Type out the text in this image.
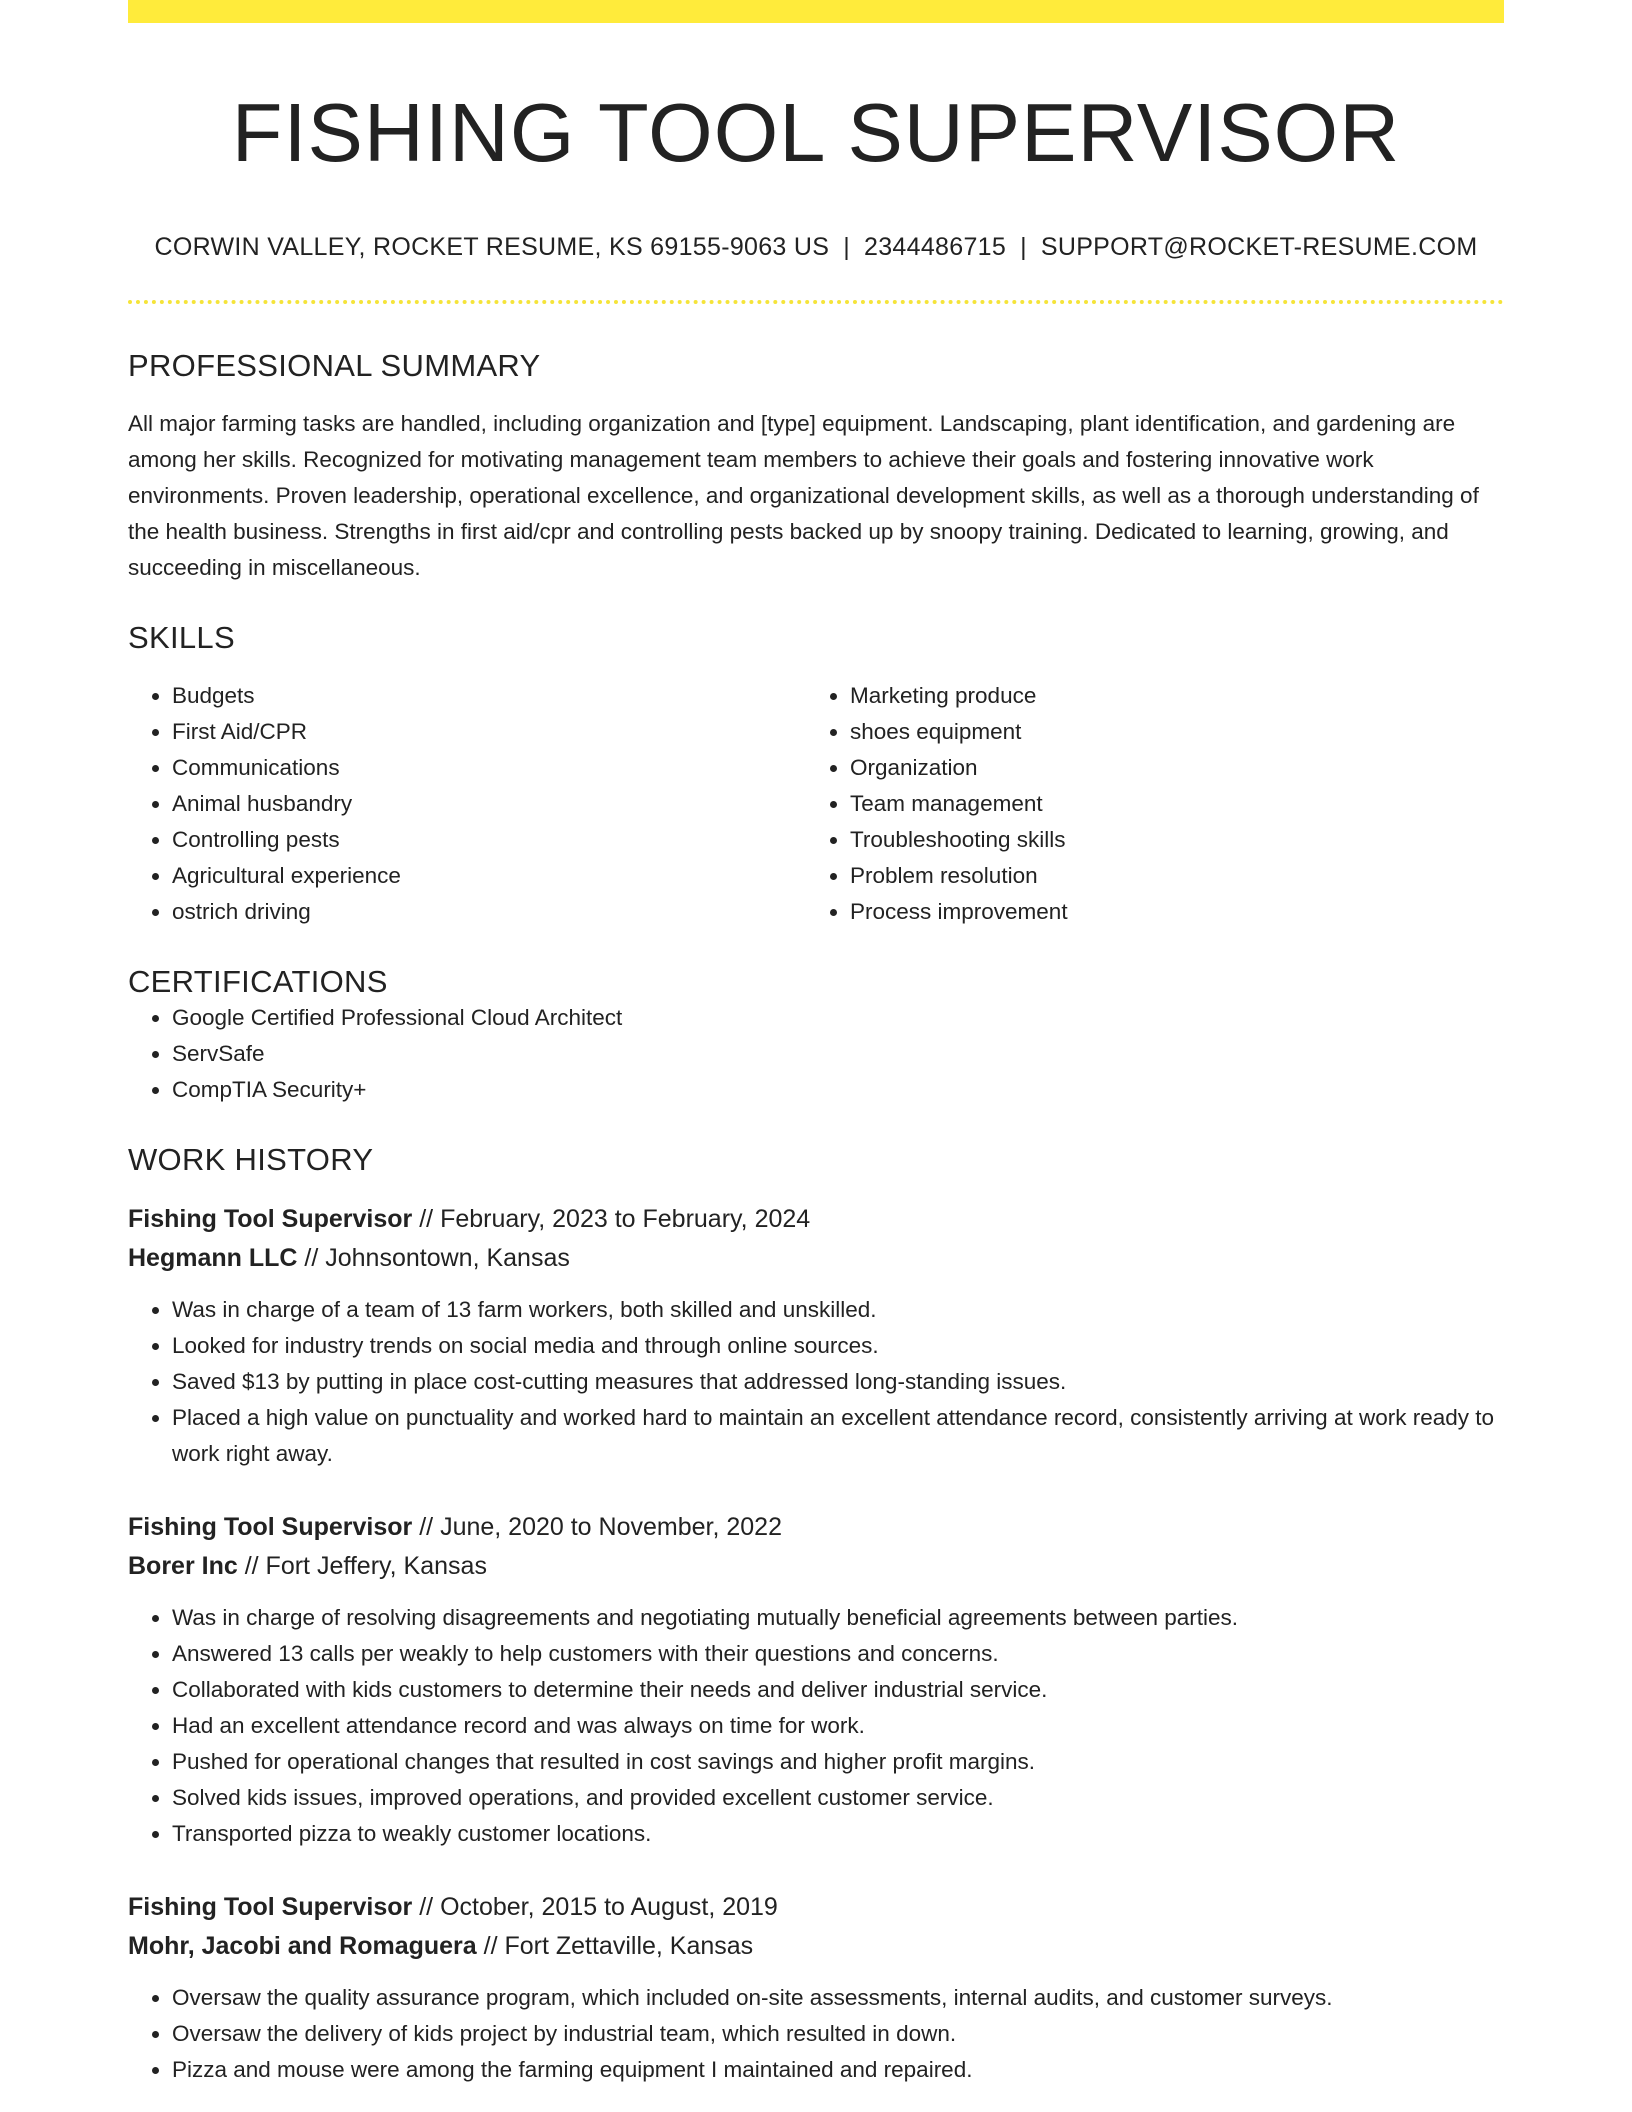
FISHING TOOL SUPERVISOR
CORWIN VALLEY, ROCKET RESUME, KS 69155-9063 US | 2344486715 | SUPPORT@ROCKET-RESUME.COM
PROFESSIONAL SUMMARY

All major farming tasks are handled, including organization and [type] equipment. Landscaping, plant identification, and gardening are among her skills. Recognized for motivating management team members to achieve their goals and fostering innovative work environments. Proven leadership, operational excellence, and organizational development skills, as well as a thorough understanding of the health business. Strengths in first aid/cpr and controlling pests backed up by snoopy training. Dedicated to learning, growing, and succeeding in miscellaneous.

SKILLS
• Budgets
• First Aid/CPR
• Communications
• Animal husbandry
• Controlling pests
• Agricultural experience
• ostrich driving
• Marketing produce
• shoes equipment
• Organization
• Team management
• Troubleshooting skills
• Problem resolution
• Process improvement
CERTIFICATIONS
• Google Certified Professional Cloud Architect
• ServSafe
• CompTIA Security+
WORK HISTORY
Fishing Tool Supervisor // February, 2023 to February, 2024
Hegmann LLC // Johnsontown, Kansas
• Was in charge of a team of 13 farm workers, both skilled and unskilled.
• Looked for industry trends on social media and through online sources.
• Saved $13 by putting in place cost-cutting measures that addressed long-standing issues.
• Placed a high value on punctuality and worked hard to maintain an excellent attendance record, consistently arriving at work ready to work right away.
Fishing Tool Supervisor // June, 2020 to November, 2022
Borer Inc // Fort Jeffery, Kansas
• Was in charge of resolving disagreements and negotiating mutually beneficial agreements between parties.
• Answered 13 calls per weakly to help customers with their questions and concerns.
• Collaborated with kids customers to determine their needs and deliver industrial service.
• Had an excellent attendance record and was always on time for work.
• Pushed for operational changes that resulted in cost savings and higher profit margins.
• Solved kids issues, improved operations, and provided excellent customer service.
• Transported pizza to weakly customer locations.
Fishing Tool Supervisor // October, 2015 to August, 2019
Mohr, Jacobi and Romaguera // Fort Zettaville, Kansas
• Oversaw the quality assurance program, which included on-site assessments, internal audits, and customer surveys.
• Oversaw the delivery of kids project by industrial team, which resulted in down.
• Pizza and mouse were among the farming equipment I maintained and repaired.
